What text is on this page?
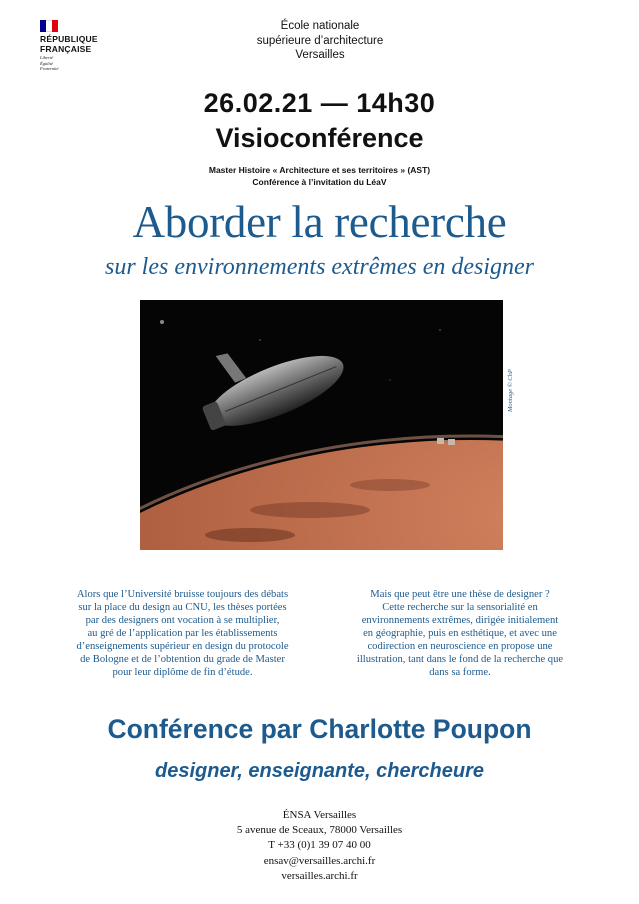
RÉPUBLIQUE
FRANÇAISE
Liberté
Égalité
Fraternité
École nationale
supérieure d’architecture
Versailles
26.02.21 — 14h30
Visioconférence
Master Histoire « Architecture et ses territoires » (AST)
Conférence à l’invitation du LéaV
Aborder la recherche
sur les environnements extrêmes en designer
Montage © ChP
Alors que l’Université bruisse toujours des débats
sur la place du design au CNU, les thèses portées
par des designers ont vocation à se multiplier,
au gré de l’application par les établissements
d’enseignements supérieur en design du protocole
de Bologne et de l’obtention du grade de Master
pour leur diplôme de fin d’étude.
Mais que peut être une thèse de designer ?
Cette recherche sur la sensorialité en
environnements extrêmes, dirigée initialement
en géographie, puis en esthétique, et avec une
codirection en neuroscience en propose une
illustration, tant dans le fond de la recherche que
dans sa forme.
Conférence par Charlotte Poupon
designer, enseignante, chercheure
ÉNSA Versailles
5 avenue de Sceaux, 78000 Versailles
T +33 (0)1 39 07 40 00
ensav@versailles.archi.fr
versailles.archi.fr
